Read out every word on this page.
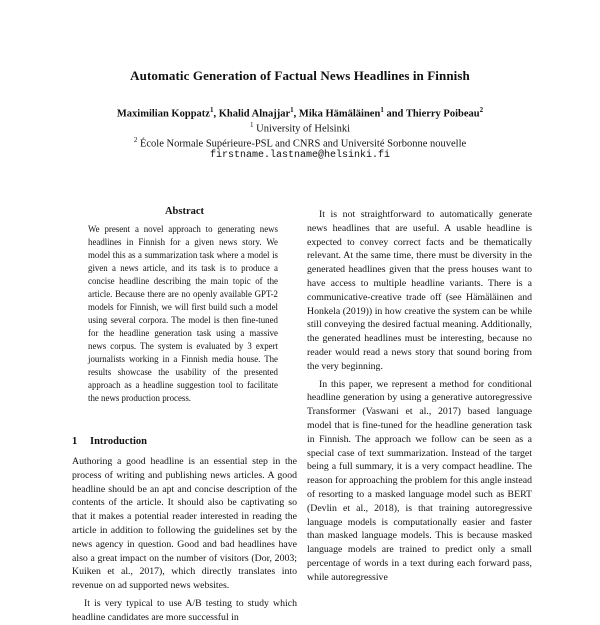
Automatic Generation of Factual News Headlines in Finnish
Maximilian Koppatz$^1$, Khalid Alnajjar$^1$, Mika Hämäläinen$^1$ and Thierry Poibeau$^2$
$^1$ University of Helsinki
$^2$ École Normale Supérieure-PSL and CNRS and Université Sorbonne nouvelle
firstname.lastname@helsinki.fi
Abstract
We present a novel approach to generating news headlines in Finnish for a given news story. We model this as a summarization task where a model is given a news article, and its task is to produce a concise headline describing the main topic of the article. Because there are no openly available GPT-2 models for Finnish, we will first build such a model using several corpora. The model is then fine-tuned for the headline generation task using a massive news corpus. The system is evaluated by 3 expert journalists working in a Finnish media house. The results showcase the usability of the presented approach as a headline suggestion tool to facilitate the news production process.
1 Introduction

Authoring a good headline is an essential step in the process of writing and publishing news articles. A good headline should be an apt and concise description of the contents of the article. It should also be captivating so that it makes a potential reader interested in reading the article in addition to following the guidelines set by the news agency in question. Good and bad headlines have also a great impact on the number of visitors (Dor, 2003; Kuiken et al., 2017), which directly translates into revenue on ad supported news websites.

It is very typical to use A/B testing to study which headline candidates are more successful in

It is not straightforward to automatically generate news headlines that are useful. A usable headline is expected to convey correct facts and be thematically relevant. At the same time, there must be diversity in the generated headlines given that the press houses want to have access to multiple headline variants. There is a communicative-creative trade off (see Hämäläinen and Honkela (2019)) in how creative the system can be while still conveying the desired factual meaning. Additionally, the generated headlines must be interesting, because no reader would read a news story that sound boring from the very beginning.

In this paper, we represent a method for conditional headline generation by using a generative autoregressive Transformer (Vaswani et al., 2017) based language model that is fine-tuned for the headline generation task in Finnish. The approach we follow can be seen as a special case of text summarization. Instead of the target being a full summary, it is a very compact headline. The reason for approaching the problem for this angle instead of resorting to a masked language model such as BERT (Devlin et al., 2018), is that training autoregressive language models is computationally easier and faster than masked language models. This is because masked language models are trained to predict only a small percentage of words in a text during each forward pass, while autoregressive
